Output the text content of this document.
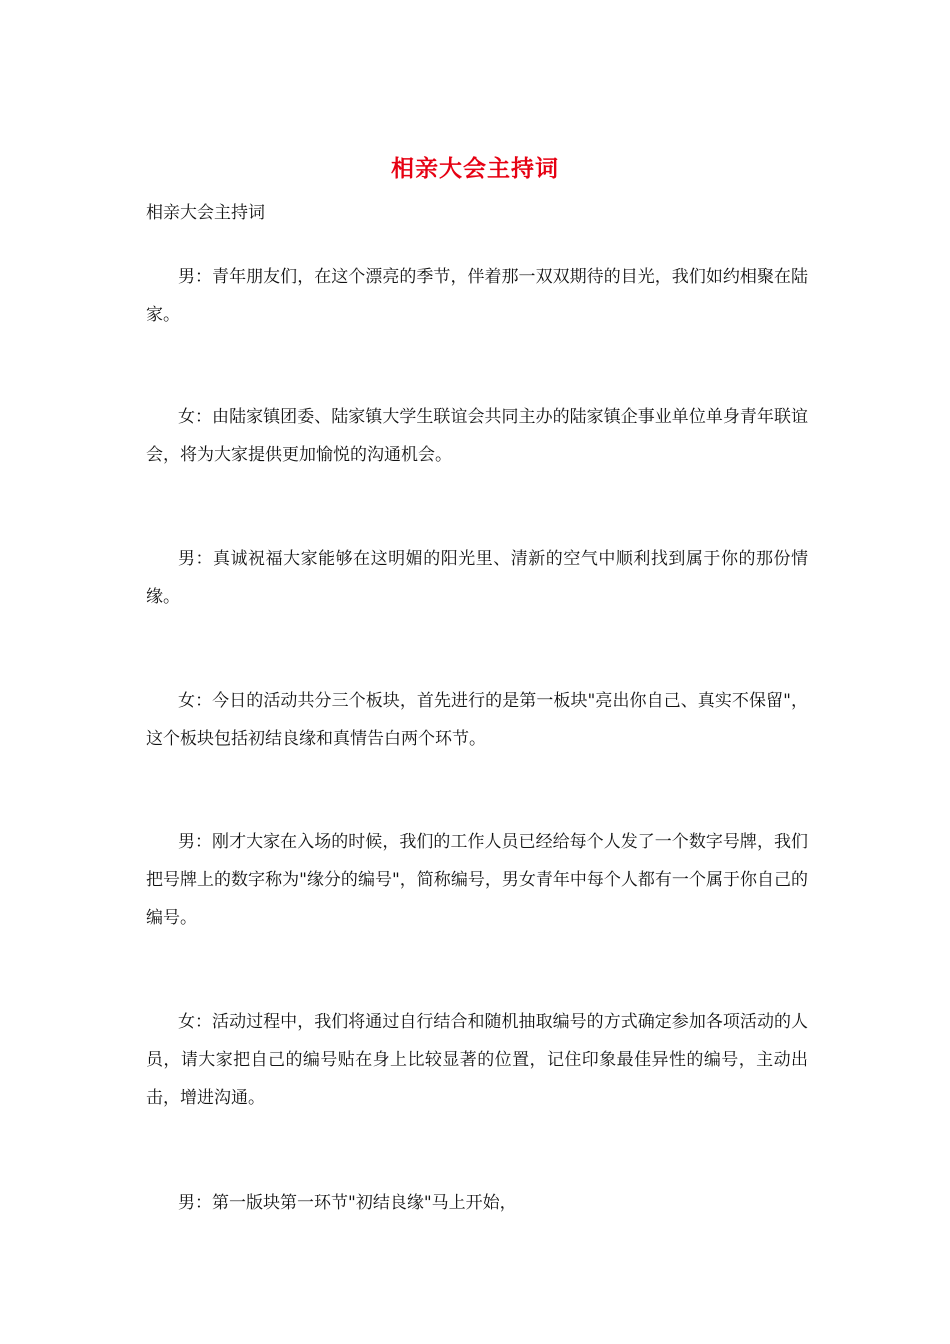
相亲大会主持词
相亲大会主持词

男：青年朋友们，在这个漂亮的季节，伴着那一双双期待的目光，我们如约相聚在陆家。

女：由陆家镇团委、陆家镇大学生联谊会共同主办的陆家镇企事业单位单身青年联谊会，将为大家提供更加愉悦的沟通机会。

男：真诚祝福大家能够在这明媚的阳光里、清新的空气中顺利找到属于你的那份情缘。

女：今日的活动共分三个板块，首先进行的是第一板块"亮出你自己、真实不保留"，这个板块包括初结良缘和真情告白两个环节。

男：刚才大家在入场的时候，我们的工作人员已经给每个人发了一个数字号牌，我们把号牌上的数字称为"缘分的编号"，简称编号，男女青年中每个人都有一个属于你自己的编号。

女：活动过程中，我们将通过自行结合和随机抽取编号的方式确定参加各项活动的人员，请大家把自己的编号贴在身上比较显著的位置，记住印象最佳异性的编号，主动出击，增进沟通。

男：第一版块第一环节"初结良缘"马上开始，
